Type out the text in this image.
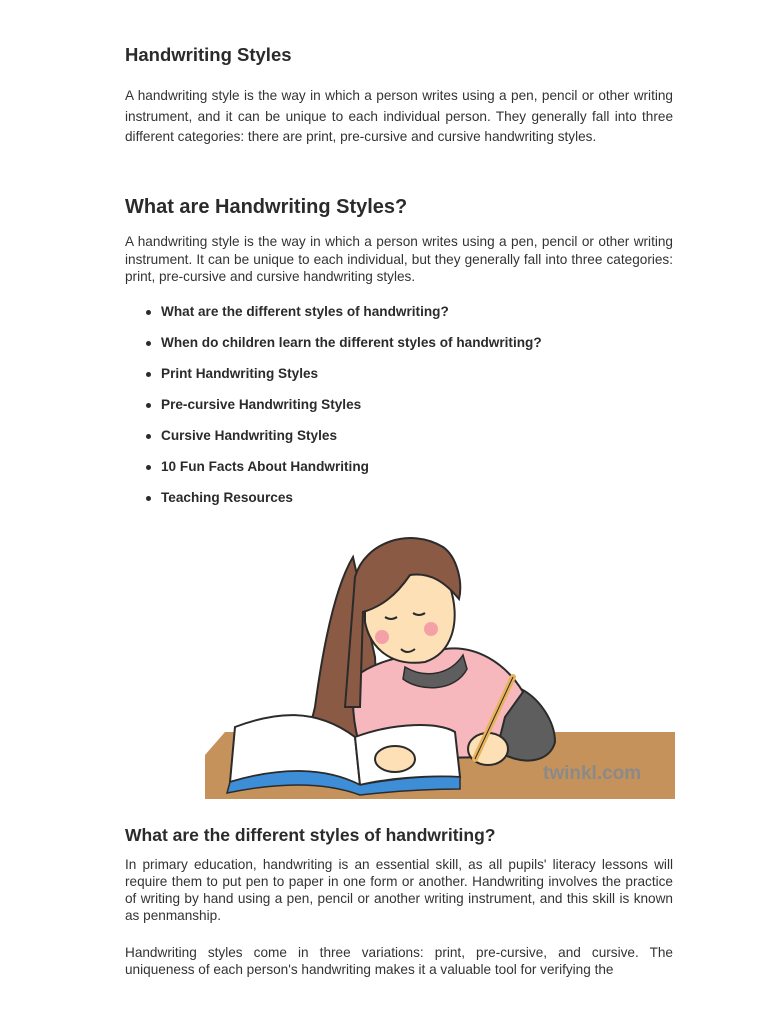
Handwriting Styles

A handwriting style is the way in which a person writes using a pen, pencil or other writing instrument, and it can be unique to each individual person. They generally fall into three different categories: there are print, pre-cursive and cursive handwriting styles.

What are Handwriting Styles?

A handwriting style is the way in which a person writes using a pen, pencil or other writing instrument. It can be unique to each individual, but they generally fall into three categories: print, pre-cursive and cursive handwriting styles.

What are the different styles of handwriting?
When do children learn the different styles of handwriting?
Print Handwriting Styles
Pre-cursive Handwriting Styles
Cursive Handwriting Styles
10 Fun Facts About Handwriting
Teaching Resources
twinkl.com
What are the different styles of handwriting?

In primary education, handwriting is an essential skill, as all pupils' literacy lessons will require them to put pen to paper in one form or another. Handwriting involves the practice of writing by hand using a pen, pencil or another writing instrument, and this skill is known as penmanship.

Handwriting styles come in three variations: print, pre-cursive, and cursive. The uniqueness of each person's handwriting makes it a valuable tool for verifying the
